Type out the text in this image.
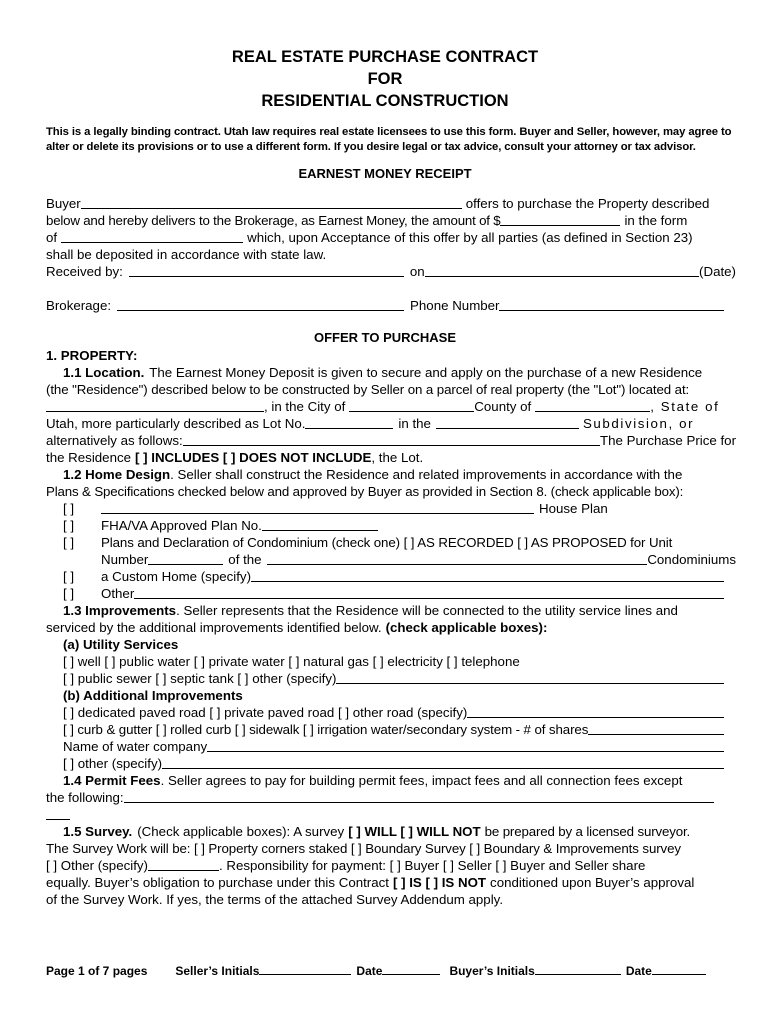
REAL ESTATE PURCHASE CONTRACT
FOR
RESIDENTIAL CONSTRUCTION
This is a legally binding contract. Utah law requires real estate licensees to use this form. Buyer and Seller, however, may agree to alter or delete its provisions or to use a different form. If you desire legal or tax advice, consult your attorney or tax advisor.
EARNEST MONEY RECEIPT
Buyer	offers to purchase the Property described
below and hereby delivers to the Brokerage, as Earnest Money, the amount of $	in the form
of	which, upon Acceptance of this offer by all parties (as defined in Section 23)
shall be deposited in accordance with state law.
Received by:	on	(Date)
Brokerage:	Phone Number
OFFER TO PURCHASE
1. PROPERTY:
1.1 Location. The Earnest Money Deposit is given to secure and apply on the purchase of a new Residence
(the "Residence") described below to be constructed by Seller on a parcel of real property (the "Lot") located at:
, in the City of	County of	, State of
Utah, more particularly described as Lot No.	in the	Subdivision, or
alternatively as follows:	The Purchase Price for
the Residence [ ] INCLUDES [ ] DOES NOT INCLUDE , the Lot.
1.2 Home Design . Seller shall construct the Residence and related improvements in accordance with the
Plans & Specifications checked below and approved by Buyer as provided in Section 8. (check applicable box):
[ ]	House Plan
[ ]	FHA/VA Approved Plan No.
[ ]	Plans and Declaration of Condominium (check one) [ ] AS RECORDED [ ] AS PROPOSED for Unit
Number	of the	Condominiums
[ ]	a Custom Home (specify)
[ ]	Other
1.3 Improvements . Seller represents that the Residence will be connected to the utility service lines and
serviced by the additional improvements identified below. (check applicable boxes):
(a) Utility Services
[ ] well [ ] public water [ ] private water [ ] natural gas [ ] electricity [ ] telephone
[ ] public sewer [ ] septic tank [ ] other (specify)
(b) Additional Improvements
[ ] dedicated paved road [ ] private paved road [ ] other road (specify)
[ ] curb & gutter [ ] rolled curb [ ] sidewalk [ ] irrigation water/secondary system - # of shares
Name of water company
[ ] other (specify)
1.4 Permit Fees . Seller agrees to pay for building permit fees, impact fees and all connection fees except
the following:
1.5 Survey. (Check applicable boxes): A survey [ ] WILL [ ] WILL NOT be prepared by a licensed surveyor.
The Survey Work will be: [ ] Property corners staked [ ] Boundary Survey [ ] Boundary & Improvements survey
[ ] Other (specify)	. Responsibility for payment: [ ] Buyer [ ] Seller [ ] Buyer and Seller share
equally. Buyer’s obligation to purchase under this Contract [ ] IS [ ] IS NOT conditioned upon Buyer’s approval
of the Survey Work. If yes, the terms of the attached Survey Addendum apply.
Page 1 of 7 pages Seller’s Initials	Date	Buyer’s Initials	Date
